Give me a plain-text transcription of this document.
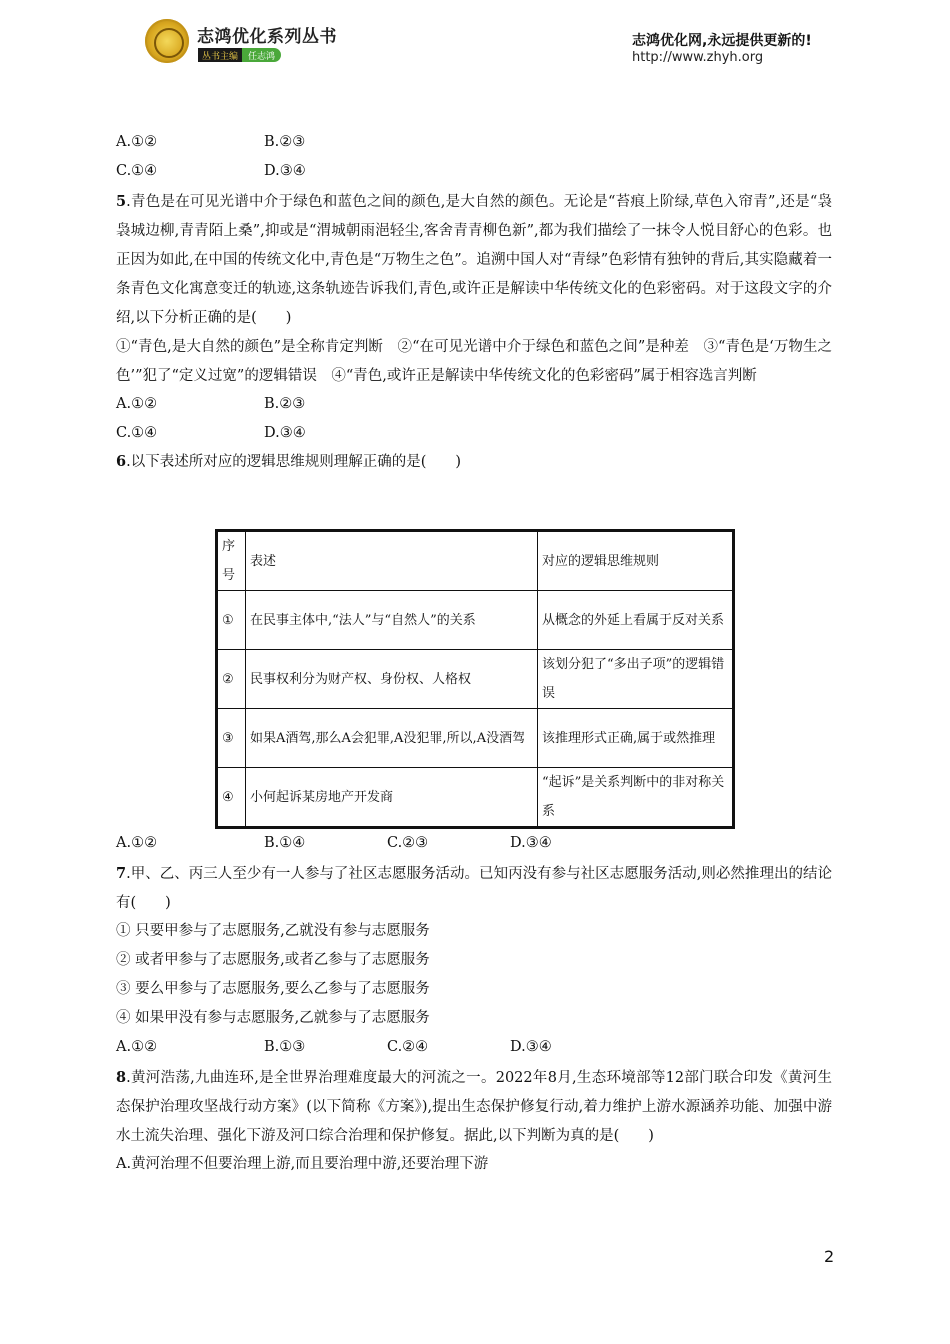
志鸿优化系列丛书
丛书主编	任志鸿
志鸿优化网,永远提供更新的!
http://www.zhyh.org
A.①②	B.②③
C.①④	D.③④
5.青色是在可见光谱中介于绿色和蓝色之间的颜色,是大自然的颜色。无论是“苔痕上阶绿,草色入帘青”,还是“袅袅城边柳,青青陌上桑”,抑或是“渭城朝雨浥轻尘,客舍青青柳色新”,都为我们描绘了一抹令人悦目舒心的色彩。也正因为如此,在中国的传统文化中,青色是“万物生之色”。追溯中国人对“青绿”色彩情有独钟的背后,其实隐藏着一条青色文化寓意变迁的轨迹,这条轨迹告诉我们,青色,或许正是解读中华传统文化的色彩密码。对于这段文字的介绍,以下分析正确的是(　　)
①“青色,是大自然的颜色”是全称肯定判断　②“在可见光谱中介于绿色和蓝色之间”是种差　③“青色是‘万物生之色’”犯了“定义过宽”的逻辑错误　④“青色,或许正是解读中华传统文化的色彩密码”属于相容选言判断
A.①②	B.②③
C.①④	D.③④
6.以下表述所对应的逻辑思维规则理解正确的是(　　)
序号	表述	对应的逻辑思维规则
①	在民事主体中,“法人”与“自然人”的关系	从概念的外延上看属于反对关系
②	民事权利分为财产权、身份权、人格权	该划分犯了“多出子项”的逻辑错误
③	如果A酒驾,那么A会犯罪,A没犯罪,所以,A没酒驾	该推理形式正确,属于或然推理
④	小何起诉某房地产开发商	“起诉”是关系判断中的非对称关系
A.①②	B.①④	C.②③	D.③④
7.甲、乙、丙三人至少有一人参与了社区志愿服务活动。已知丙没有参与社区志愿服务活动,则必然推理出的结论有(　　)
① 只要甲参与了志愿服务,乙就没有参与志愿服务
② 或者甲参与了志愿服务,或者乙参与了志愿服务
③ 要么甲参与了志愿服务,要么乙参与了志愿服务
④ 如果甲没有参与志愿服务,乙就参与了志愿服务
A.①②	B.①③	C.②④	D.③④
8.黄河浩荡,九曲连环,是全世界治理难度最大的河流之一。2022年8月,生态环境部等12部门联合印发《黄河生态保护治理攻坚战行动方案》(以下简称《方案》),提出生态保护修复行动,着力维护上游水源涵养功能、加强中游水土流失治理、强化下游及河口综合治理和保护修复。据此,以下判断为真的是(　　)
A.黄河治理不但要治理上游,而且要治理中游,还要治理下游
2
